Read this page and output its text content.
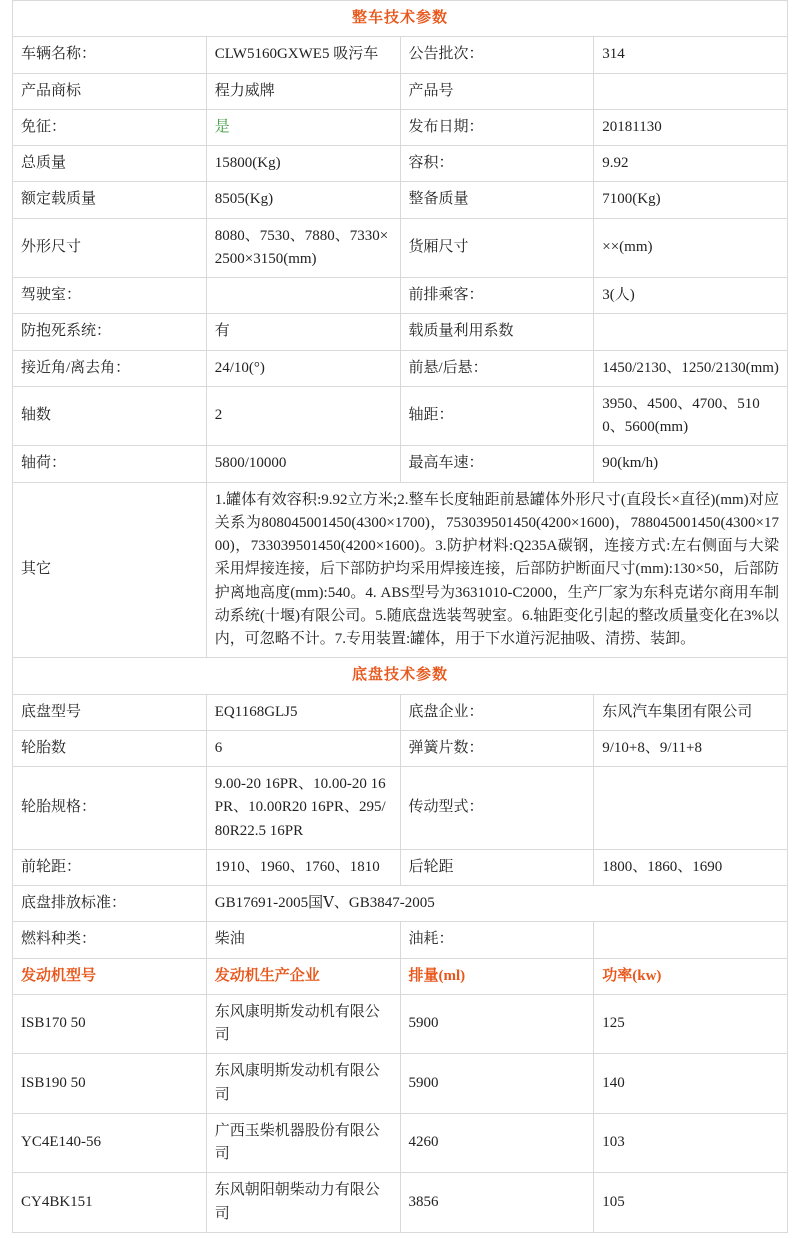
整车技术参数			
车辆名称：	CLW5160GXWE5 吸污车	公告批次：	314
产品商标	程力威牌	产品号	
免征：	是	发布日期：	20181130
总质量	15800(Kg)	容积：	9.92
额定载质量	8505(Kg)	整备质量	7100(Kg)
外形尺寸	8080、7530、7880、7330×2500×3150(mm)	货厢尺寸	××(mm)
驾驶室：		前排乘客：	3(人)
防抱死系统：	有	载质量利用系数	
接近角/离去角：	24/10(°)	前悬/后悬：	1450/2130、1250/2130(mm)
轴数	2	轴距：	3950、4500、4700、5100、5600(mm)
轴荷：	5800/10000	最高车速：	90(km/h)
其它	1.罐体有效容积:9.92立方米;2.整车长度轴距前悬罐体外形尺寸(直段长×直径)(mm)对应关系为808045001450(4300×1700)，753039501450(4200×1600)，788045001450(4300×1700)，733039501450(4200×1600)。3.防护材料:Q235A碳钢，连接方式:左右侧面与大梁采用焊接连接，后下部防护均采用焊接连接，后部防护断面尺寸(mm):130×50，后部防护离地高度(mm):540。4. ABS型号为3631010-C2000，生产厂家为东科克诺尔商用车制动系统(十堰)有限公司。5.随底盘选装驾驶室。6.轴距变化引起的整改质量变化在3%以内，可忽略不计。7.专用装置:罐体，用于下水道污泥抽吸、清捞、装卸。		
底盘技术参数			
底盘型号	EQ1168GLJ5	底盘企业：	东风汽车集团有限公司
轮胎数	6	弹簧片数：	9/10+8、9/11+8
轮胎规格：	9.00-20 16PR、10.00-20 16PR、10.00R20 16PR、295/80R22.5 16PR	传动型式：	
前轮距：	1910、1960、1760、1810	后轮距	1800、1860、1690
底盘排放标准：	GB17691-2005国Ⅴ、GB3847-2005		
燃料种类：	柴油	油耗：	
发动机型号	发动机生产企业	排量(ml)	功率(kw)
ISB170 50	东风康明斯发动机有限公司	5900	125
ISB190 50	东风康明斯发动机有限公司	5900	140
YC4E140-56	广西玉柴机器股份有限公司	4260	103
CY4BK151	东风朝阳朝柴动力有限公司	3856	105
